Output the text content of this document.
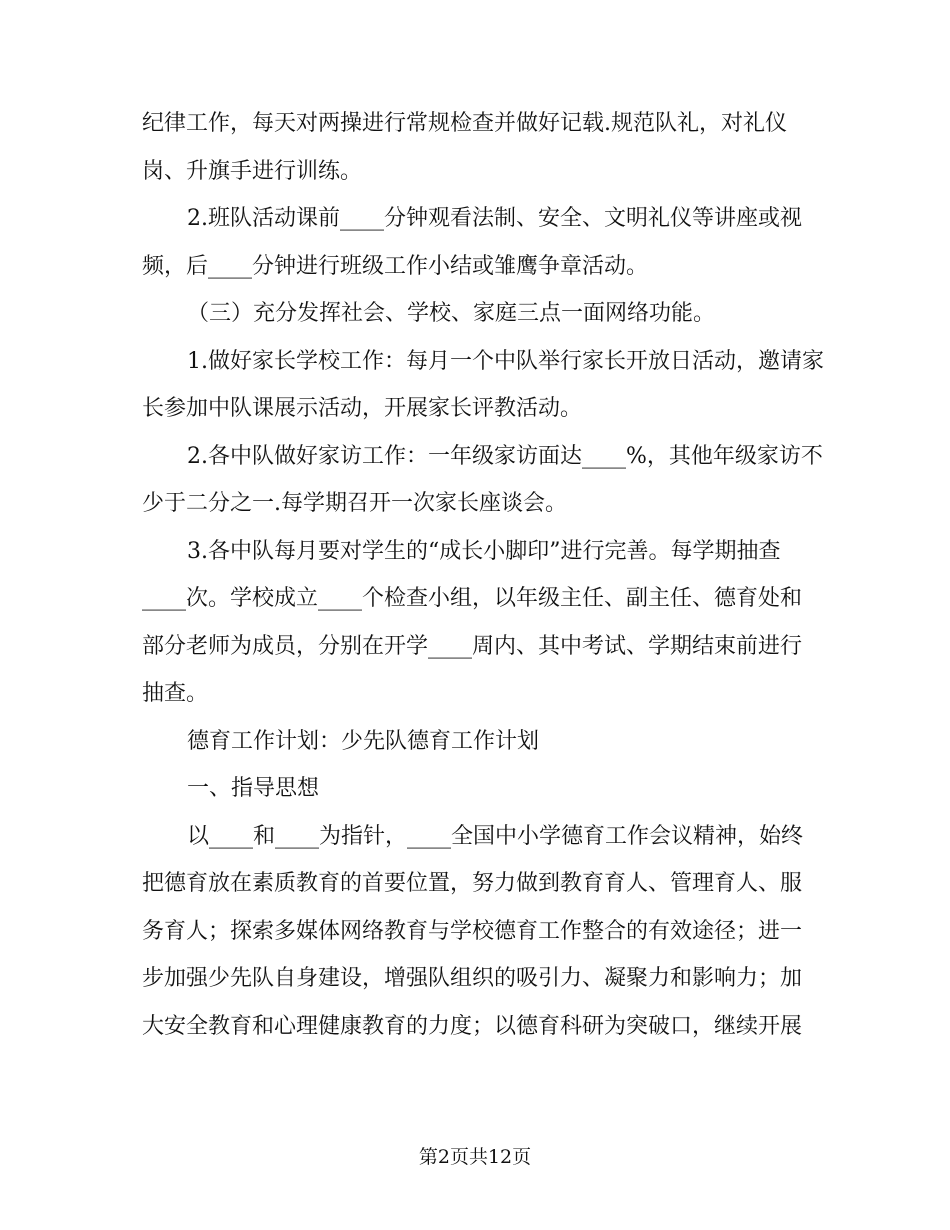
纪律工作，每天对两操进行常规检查并做好记载.规范队礼，对礼仪
岗、升旗手进行训练。
2.班队活动课前____分钟观看法制、安全、文明礼仪等讲座或视
频，后____分钟进行班级工作小结或雏鹰争章活动。
（三）充分发挥社会、学校、家庭三点一面网络功能。
1.做好家长学校工作：每月一个中队举行家长开放日活动，邀请家
长参加中队课展示活动，开展家长评教活动。
2.各中队做好家访工作：一年级家访面达____%，其他年级家访不
少于二分之一.每学期召开一次家长座谈会。
3.各中队每月要对学生的“成长小脚印”进行完善。每学期抽查
____次。学校成立____个检查小组，以年级主任、副主任、德育处和
部分老师为成员，分别在开学____周内、其中考试、学期结束前进行
抽查。
德育工作计划：少先队德育工作计划
一、指导思想
以____和____为指针，____全国中小学德育工作会议精神，始终
把德育放在素质教育的首要位置，努力做到教育育人、管理育人、服
务育人；探索多媒体网络教育与学校德育工作整合的有效途径；进一
步加强少先队自身建设，增强队组织的吸引力、凝聚力和影响力；加
大安全教育和心理健康教育的力度；以德育科研为突破口，继续开展
第2页共12页
